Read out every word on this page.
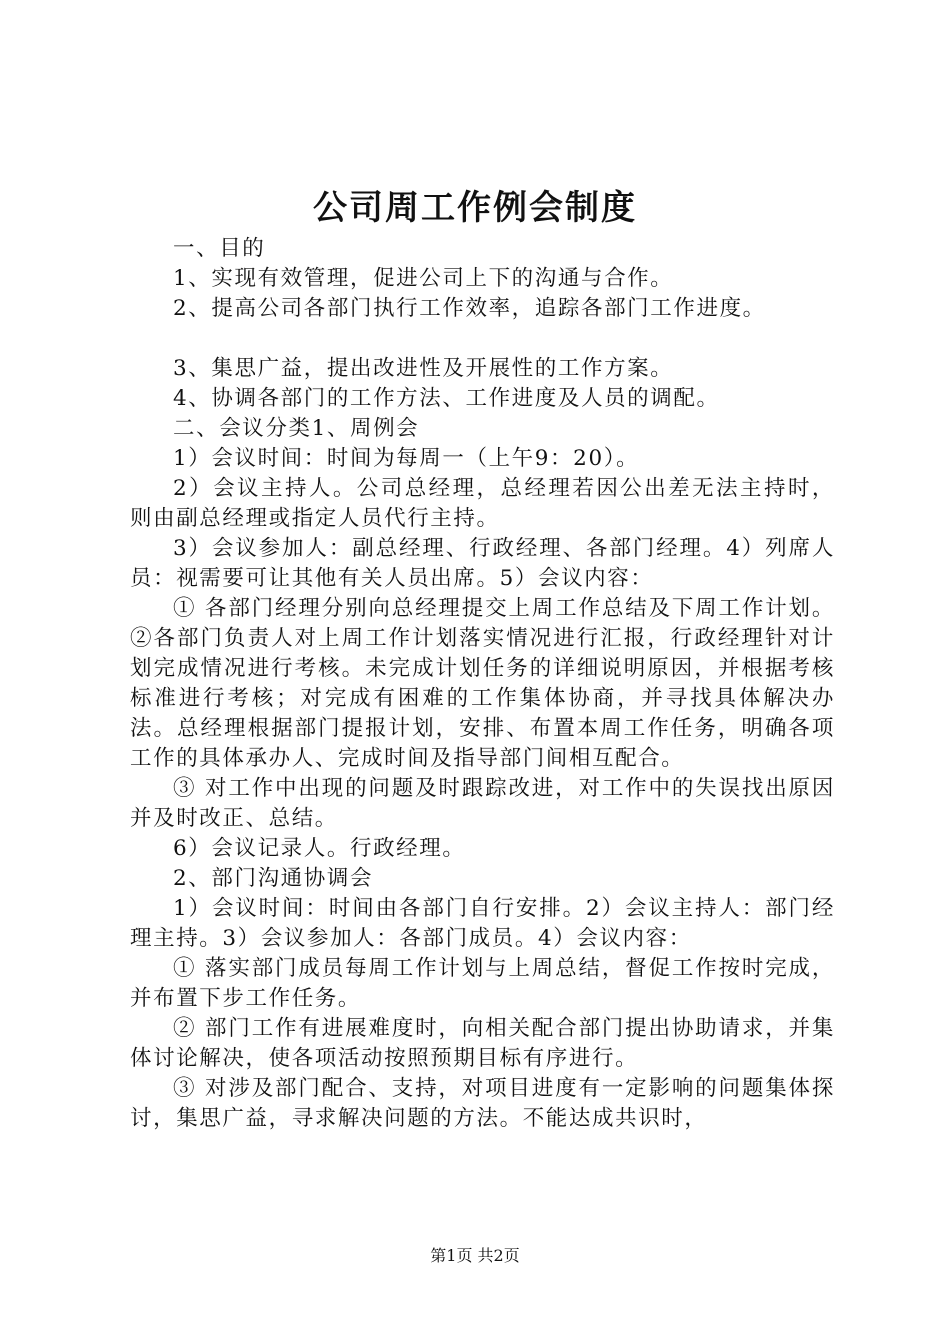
公司周工作例会制度

一、目的

1、实现有效管理，促进公司上下的沟通与合作。

2、提高公司各部门执行工作效率，追踪各部门工作进度。

3、集思广益，提出改进性及开展性的工作方案。

4、协调各部门的工作方法、工作进度及人员的调配。

二、会议分类1、周例会

1）会议时间：时间为每周一（上午9：20）。

2）会议主持人。公司总经理，总经理若因公出差无法主持时，则由副总经理或指定人员代行主持。

3）会议参加人：副总经理、行政经理、各部门经理。4）列席人员：视需要可让其他有关人员出席。5）会议内容：

① 各部门经理分别向总经理提交上周工作总结及下周工作计划。②各部门负责人对上周工作计划落实情况进行汇报，行政经理针对计划完成情况进行考核。未完成计划任务的详细说明原因，并根据考核标准进行考核；对完成有困难的工作集体协商，并寻找具体解决办法。总经理根据部门提报计划，安排、布置本周工作任务，明确各项工作的具体承办人、完成时间及指导部门间相互配合。

③ 对工作中出现的问题及时跟踪改进，对工作中的失误找出原因并及时改正、总结。

6）会议记录人。行政经理。

2、部门沟通协调会

1）会议时间：时间由各部门自行安排。2）会议主持人：部门经理主持。3）会议参加人：各部门成员。4）会议内容：

① 落实部门成员每周工作计划与上周总结，督促工作按时完成，并布置下步工作任务。

② 部门工作有进展难度时，向相关配合部门提出协助请求，并集体讨论解决，使各项活动按照预期目标有序进行。

③ 对涉及部门配合、支持，对项目进度有一定影响的问题集体探讨，集思广益，寻求解决问题的方法。不能达成共识时，

第1页 共2页
